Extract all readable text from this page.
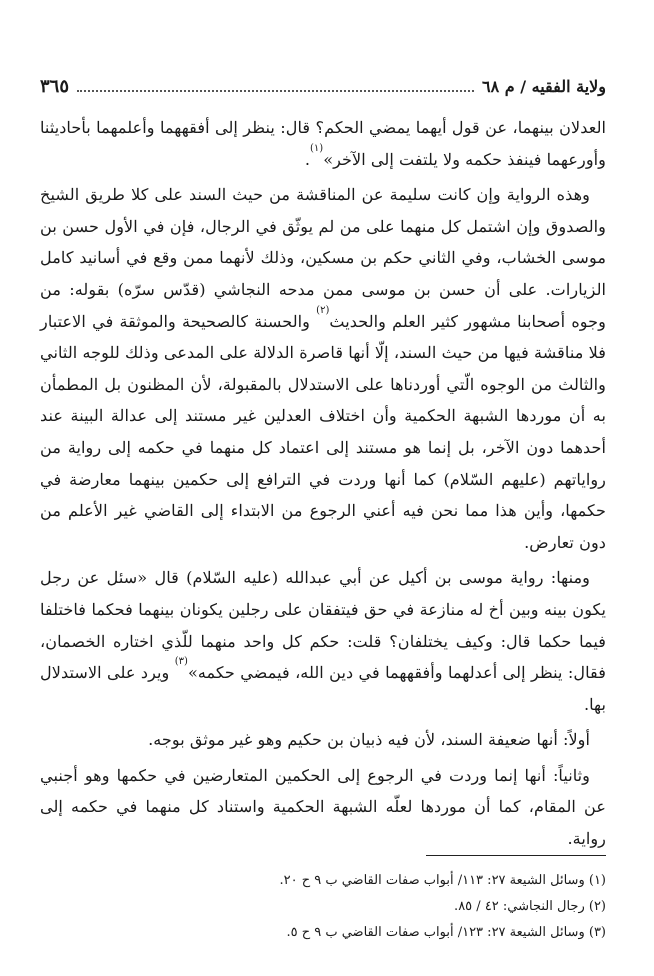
ولاية الفقيه / م ٦٨
٣٦٥

العدلان بينهما، عن قول أيهما يمضي الحكم؟ قال: ينظر إلى أفقههما وأعلمهما بأحاديثنا وأورعهما فينفذ حكمه ولا يلتفت إلى الآخر»$^{(١)}$.

وهذه الرواية وإن كانت سليمة عن المناقشة من حيث السند على كلا طريق الشيخ والصدوق وإن اشتمل كل منهما على من لم يوثّق في الرجال، فإن في الأول حسن بن موسى الخشاب، وفي الثاني حكم بن مسكين، وذلك لأنهما ممن وقع في أسانيد كامل الزيارات. على أن حسن بن موسى ممن مدحه النجاشي (قدّس سرّه) بقوله: من وجوه أصحابنا مشهور كثير العلم والحديث$^{(٢)}$ والحسنة كالصحيحة والموثقة في الاعتبار فلا مناقشة فيها من حيث السند، إلّا أنها قاصرة الدلالة على المدعى وذلك للوجه الثاني والثالث من الوجوه الّتي أوردناها على الاستدلال بالمقبولة، لأن المظنون بل المطمأن به أن موردها الشبهة الحكمية وأن اختلاف العدلين غير مستند إلى عدالة البينة عند أحدهما دون الآخر، بل إنما هو مستند إلى اعتماد كل منهما في حكمه إلى رواية من رواياتهم (عليهم السّلام) كما أنها وردت في الترافع إلى حكمين بينهما معارضة في حكمها، وأين هذا مما نحن فيه أعني الرجوع من الابتداء إلى القاضي غير الأعلم من دون تعارض.

ومنها: رواية موسى بن أكيل عن أبي عبدالله (عليه السّلام) قال «سئل عن رجل يكون بينه وبين أخ له منازعة في حق فيتفقان على رجلين يكونان بينهما فحكما فاختلفا فيما حكما قال: وكيف يختلفان؟ قلت: حكم كل واحد منهما للّذي اختاره الخصمان، فقال: ينظر إلى أعدلهما وأفقههما في دين الله، فيمضي حكمه»$^{(٣)}$ ويرد على الاستدلال بها.

أولاً: أنها ضعيفة السند، لأن فيه ذبيان بن حكيم وهو غير موثق بوجه.

وثانياً: أنها إنما وردت في الرجوع إلى الحكمين المتعارضين في حكمها وهو أجنبي عن المقام، كما أن موردها لعلّه الشبهة الحكمية واستناد كل منهما في حكمه إلى رواية.

(١) وسائل الشيعة ٢٧: ١١٣/ أبواب صفات القاضي ب ٩ ح ٢٠.
(٢) رجال النجاشي: ٤٢ / ٨٥.
(٣) وسائل الشيعة ٢٧: ١٢٣/ أبواب صفات القاضي ب ٩ ح ٥.
